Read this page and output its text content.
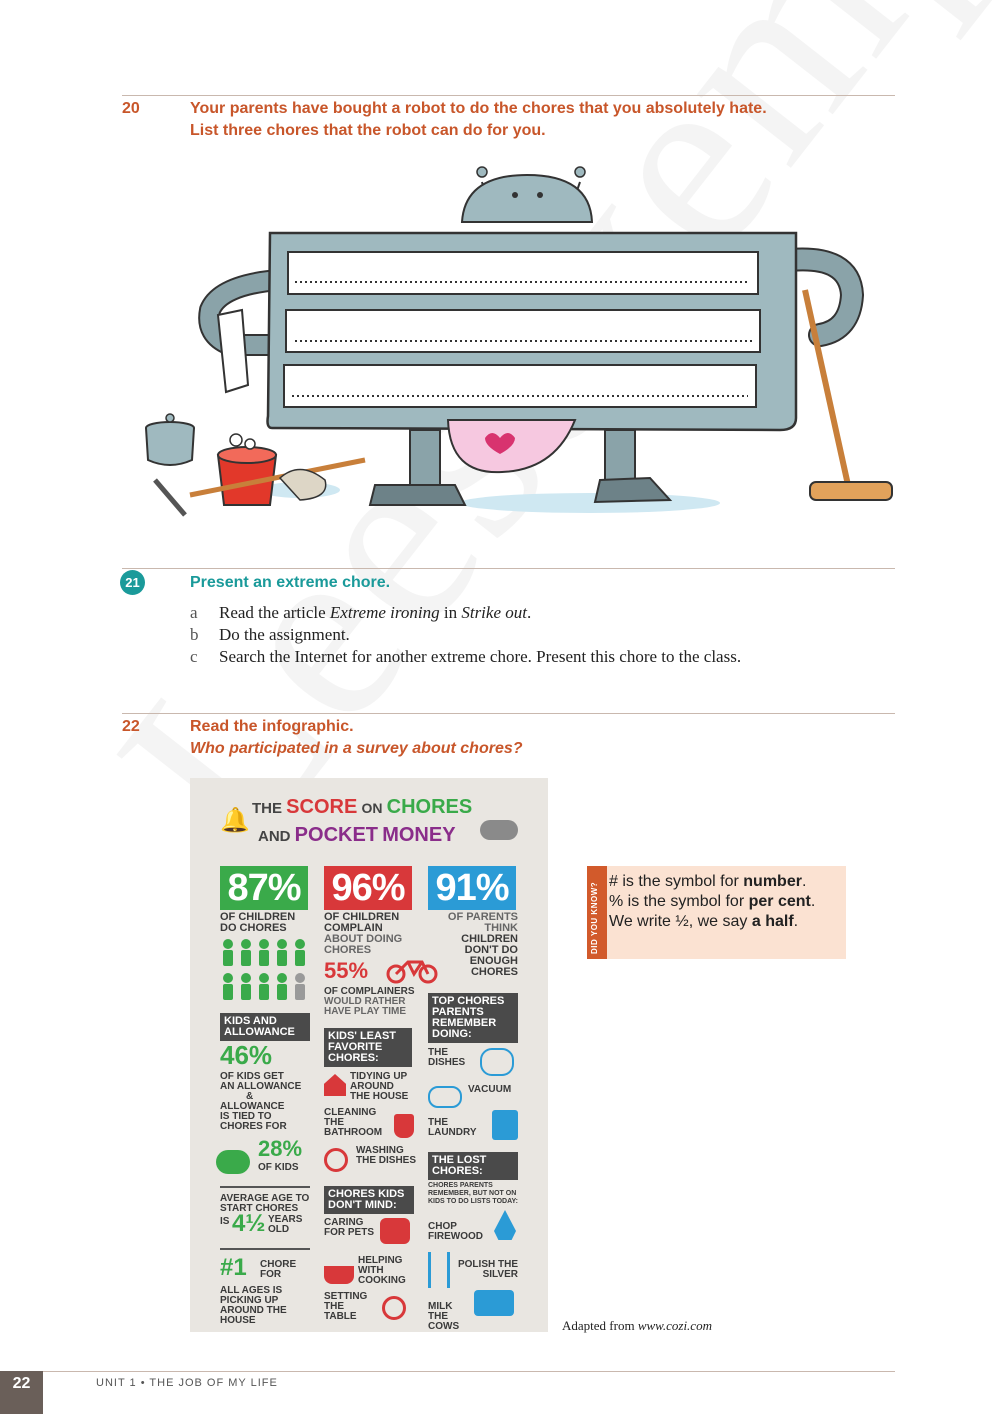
20	Your parents have bought a robot to do the chores that you absolutely hate.
List three chores that the robot can do for you.
21	Present an extreme chore.
a	Read the article Extreme ironing in Strike out.
b	Do the assignment.
c	Search the Internet for another extreme chore. Present this chore to the class.
22	Read the infographic.
Who participated in a survey about chores?
THE SCORE ON CHORES
AND POCKET MONEY
🔔
87% 96% 91%
OF CHILDREN
DO CHORES
OF CHILDREN
COMPLAIN
ABOUT DOING
CHORES
55%
OF COMPLAINERS
WOULD RATHER
HAVE PLAY TIME
OF PARENTS
THINK
CHILDREN
DON'T DO
ENOUGH
CHORES
KIDS AND ALLOWANCE
46%
OF KIDS GET
AN ALLOWANCE
&
ALLOWANCE
IS TIED TO
CHORES FOR
28%
OF KIDS
AVERAGE AGE TO
START CHORES
IS 4½ YEARS
OLD
#1 CHORE
FOR
ALL AGES IS
PICKING UP
AROUND THE
HOUSE
KIDS' LEAST FAVORITE CHORES:
TIDYING UP AROUND THE HOUSE
CLEANING THE BATHROOM
WASHING THE DISHES
CHORES KIDS DON'T MIND:
CARING FOR PETS
HELPING WITH COOKING
SETTING THE TABLE
TOP CHORES PARENTS REMEMBER DOING:
THE DISHES
VACUUM
THE LAUNDRY
THE LOST CHORES:
CHORES PARENTS REMEMBER, BUT NOT ON KIDS TO DO LISTS TODAY:
CHOP FIREWOOD
POLISH THE SILVER
MILK THE COWS
DID YOU KNOW?
# is the symbol for number.
% is the symbol for per cent.
We write ½, we say a half.
Adapted from www.cozi.com
22	UNIT 1 • THE JOB OF MY LIFE
